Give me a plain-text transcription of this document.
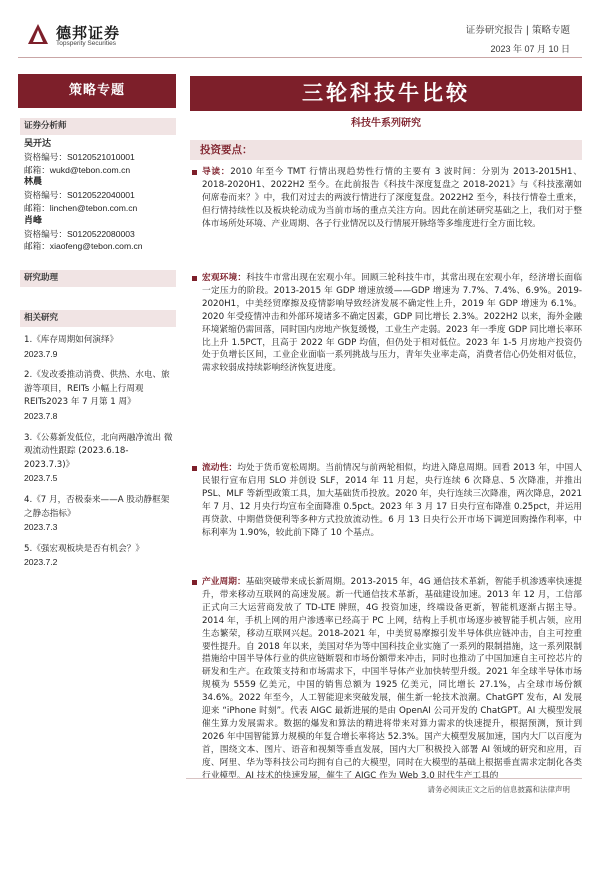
德邦证券
Topsperity Securities
证券研究报告 | 策略专题
2023 年 07 月 10 日
策略专题
证券分析师
吴开达
资格编号：S0120521010001
邮箱：wukd@tebon.com.cn
林晨
资格编号：S0120522040001
邮箱：linchen@tebon.com.cn
肖峰
资格编号：S0120522080003
邮箱：xiaofeng@tebon.com.cn
研究助理
相关研究
1.《库存周期如何演绎》
2023.7.9
2.《发改委推动消费、供热、水电、旅游等项目，REITs 小幅上行周观 REITs2023 年 7 月第 1 周》
2023.7.8
3.《公募新发低位，北向两融净流出 微观流动性跟踪 (2023.6.18-2023.7.3)》
2023.7.5
4.《7 月，否极泰来——A 股动静框架之静态指标》
2023.7.3
5.《强宏观板块是否有机会？》
2023.7.2
三轮科技牛比较
科技牛系列研究
投资要点：
导读：2010 年至今 TMT 行情出现趋势性行情的主要有 3 波时间：分别为 2013-2015H1、2018-2020H1、2022H2 至今。在此前报告《科技牛深度复盘之 2018-2021》与《科技涨潮如何席卷而来？》中，我们对过去的两波行情进行了深度复盘。2022H2 至今，科技行情卷土重来，但行情持续性以及板块轮动成为当前市场的重点关注方向。因此在前述研究基础之上，我们对于整体市场所处环境、产业周期、各子行业情况以及行情展开脉络等多维度进行全方面比较。
宏观环境：科技牛市常出现在宏观小年。回顾三轮科技牛市，其常出现在宏观小年，经济增长面临一定压力的阶段。2013-2015 年 GDP 增速放缓——GDP 增速为 7.7%、7.4%、6.9%。2019-2020H1，中美经贸摩擦及疫情影响导致经济发展不确定性上升，2019 年 GDP 增速为 6.1%。2020 年受疫情冲击和外部环境诸多不确定因素，GDP 同比增长 2.3%。2022H2 以来，海外金融环境紧缩仍需回落，同时国内房地产恢复缓慢，工业生产走弱。2023 年一季度 GDP 同比增长率环比上升 1.5PCT，且高于 2022 年 GDP 均值，但仍处于相对低位。2023 年 1-5 月房地产投资仍处于负增长区间，工业企业面临一系列挑战与压力，青年失业率走高，消费者信心仍处相对低位，需求较弱成持续影响经济恢复进度。
流动性：均处于货币宽松周期。当前情况与前两轮相似，均进入降息周期。回看 2013 年，中国人民银行宣布启用 SLO 并创设 SLF，2014 年 11 月起，央行连续 6 次降息、5 次降准，并推出 PSL、MLF 等新型政策工具，加大基础货币投放。2020 年，央行连续三次降准，两次降息，2021 年 7 月、12 月央行均宣布全面降准 0.5pct。2023 年 3 月 17 日央行宣布降准 0.25pct，并运用再贷款、中期借贷便利等多种方式投放流动性。6 月 13 日央行公开市场下调逆回购操作利率，中标利率为 1.90%，较此前下降了 10 个基点。
产业周期：基础突破带来成长新周期。2013-2015 年，4G 通信技术革新，智能手机渗透率快速提升，带来移动互联网的高速发展。新一代通信技术革新，基础建设加速。2013 年 12 月，工信部正式向三大运营商发放了 TD-LTE 牌照，4G 投资加速，终端设备更新，智能机逐渐占据主导。2014 年，手机上网的用户渗透率已经高于 PC 上网，结构上手机市场逐步被智能手机占领，应用生态繁荣，移动互联网兴起。2018-2021 年，中美贸易摩擦引发半导体供应链冲击，自主可控重要性提升。自 2018 年以来，美国对华为等中国科技企业实施了一系列的限制措施，这一系列限制措施给中国半导体行业的供应链断裂和市场份额带来冲击，同时也推动了中国加速自主可控芯片的研发和生产。在政策支持和市场需求下，中国半导体产业加快转型升级。2021 年全球半导体市场规模为 5559 亿美元，中国的销售总额为 1925 亿美元，同比增长 27.1%，占全球市场份额 34.6%。2022 年至今，人工智能迎来突破发展，催生新一轮技术浪潮。ChatGPT 发布，AI 发展迎来 “iPhone 时刻”。代表 AIGC 最新进展的是由 OpenAI 公司开发的 ChatGPT。AI 大模型发展催生算力发展需求。数据的爆发和算法的精进将带来对算力需求的快速提升，根据预测，预计到 2026 年中国智能算力规模的年复合增长率将达 52.3%。国产大模型发展加速，国内大厂以百度为首，围绕文本、图片、语音和视频等垂直发展，国内大厂积极投入部署 AI 领域的研究和应用，百度、阿里、华为等科技公司均拥有自己的大模型，同时在大模型的基础上根据垂直需求定制化各类行业模型。AI 技术的快速发展，催生了 AIGC 作为 Web 3.0 时代生产工具的
请务必阅读正文之后的信息披露和法律声明
